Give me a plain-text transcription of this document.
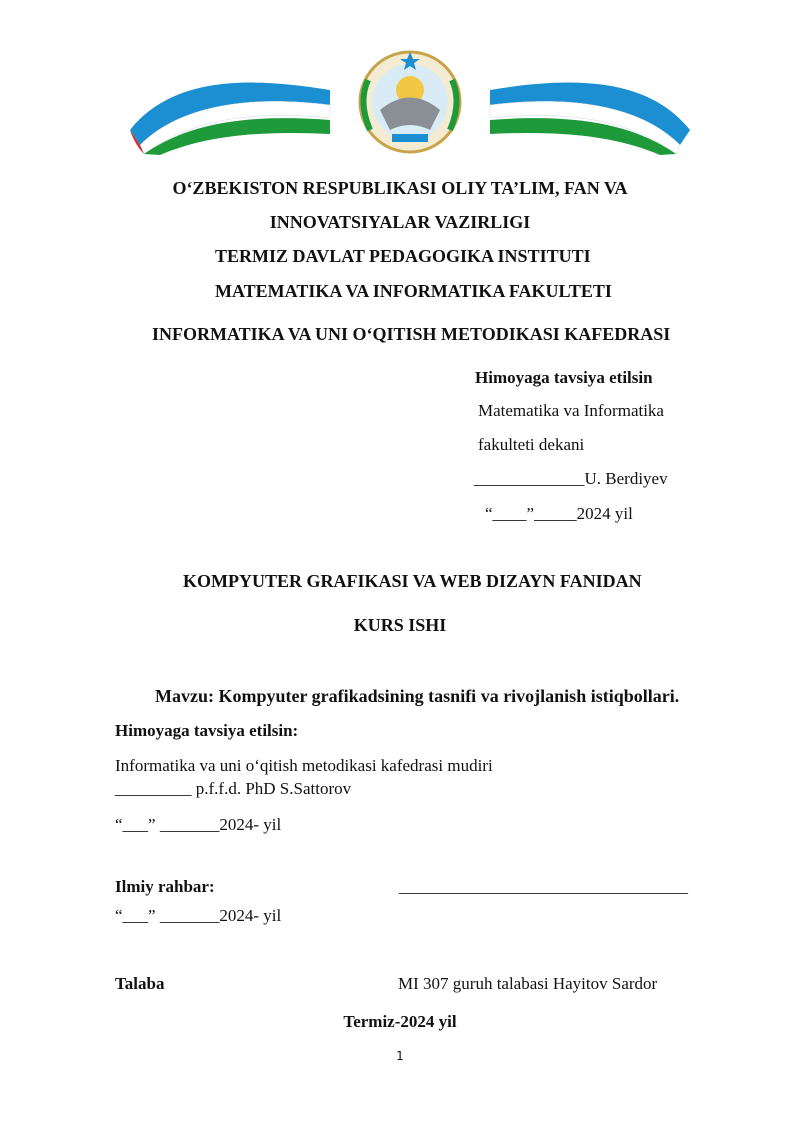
O‘ZBEKISTON RESPUBLIKASI OLIY TA’LIM, FAN VA
INNOVATSIYALAR VAZIRLIGI
TERMIZ DAVLAT PEDAGOGIKA INSTITUTI
MATEMATIKA VA INFORMATIKA FAKULTETI
INFORMATIKA VA UNI O‘QITISH METODIKASI KAFEDRASI
Himoyaga tavsiya etilsin
Matematika va Informatika
fakulteti dekani
_____________U. Berdiyev
“____”_____2024 yil
KOMPYUTER GRAFIKASI VA WEB DIZAYN FANIDAN
KURS ISHI
Mavzu: Kompyuter grafikadsining tasnifi va rivojlanish istiqbollari.
Himoyaga tavsiya etilsin:
Informatika va uni o‘qitish metodikasi kafedrasi mudiri
_________ p.f.f.d. PhD S.Sattorov
“___” _______2024- yil
Ilmiy rahbar:	__________________________________
“___” _______2024- yil
Talaba	MI 307 guruh talabasi Hayitov Sardor
Termiz-2024 yil
1
